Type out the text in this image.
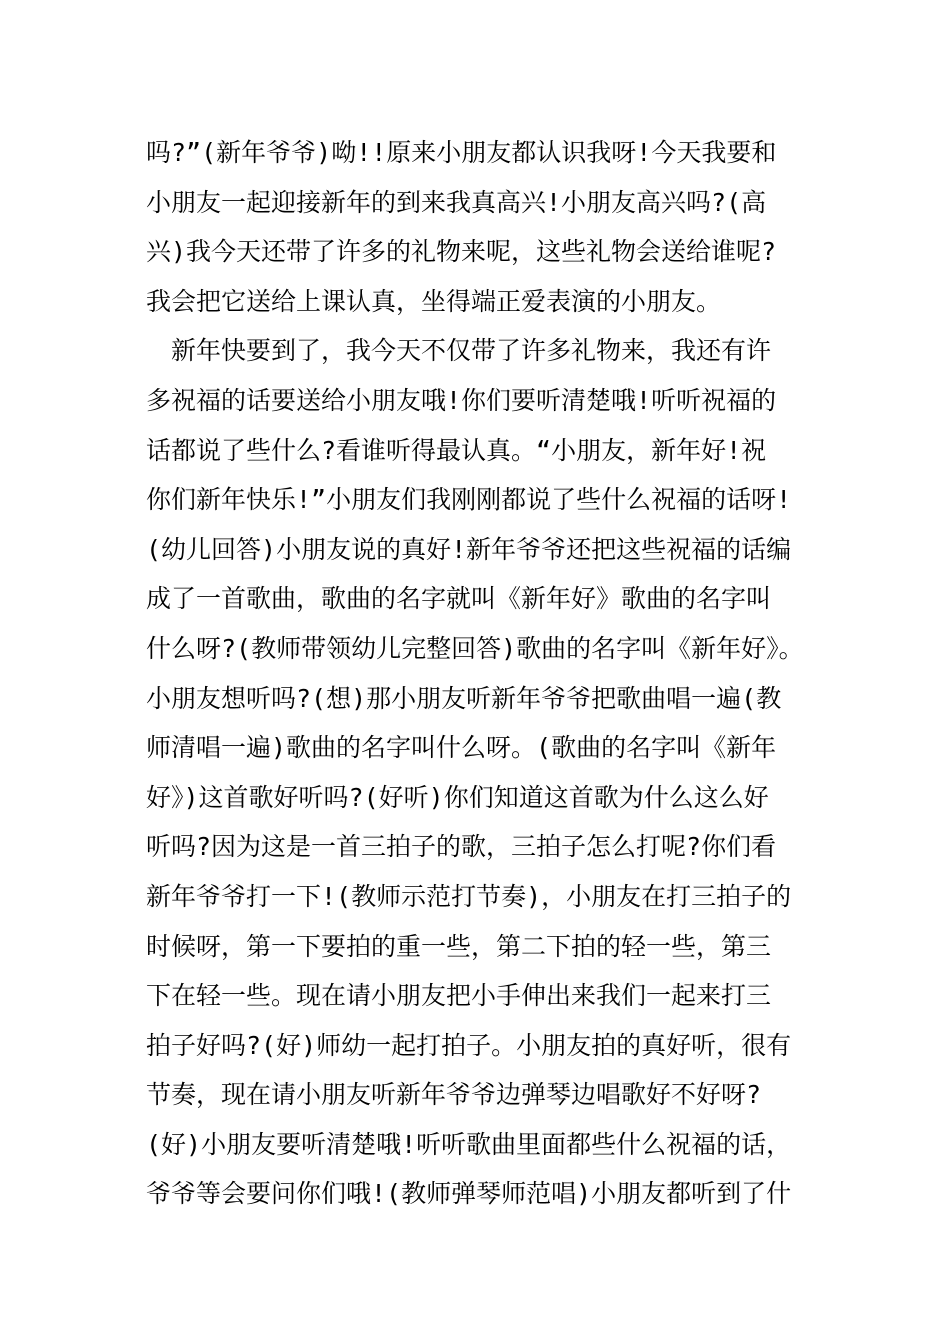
吗?”(新年爷爷)呦!!原来小朋友都认识我呀!今天我要和
小朋友一起迎接新年的到来我真高兴!小朋友高兴吗?(高
兴)我今天还带了许多的礼物来呢，这些礼物会送给谁呢?
我会把它送给上课认真，坐得端正爱表演的小朋友。
　新年快要到了，我今天不仅带了许多礼物来，我还有许
多祝福的话要送给小朋友哦!你们要听清楚哦!听听祝福的
话都说了些什么?看谁听得最认真。“小朋友，新年好!祝
你们新年快乐!”小朋友们我刚刚都说了些什么祝福的话呀!
(幼儿回答)小朋友说的真好!新年爷爷还把这些祝福的话编
成了一首歌曲，歌曲的名字就叫《新年好》歌曲的名字叫
什么呀?(教师带领幼儿完整回答)歌曲的名字叫《新年好》。
小朋友想听吗?(想)那小朋友听新年爷爷把歌曲唱一遍(教
师清唱一遍)歌曲的名字叫什么呀。(歌曲的名字叫《新年
好》)这首歌好听吗?(好听)你们知道这首歌为什么这么好
听吗?因为这是一首三拍子的歌，三拍子怎么打呢?你们看
新年爷爷打一下!(教师示范打节奏)，小朋友在打三拍子的
时候呀，第一下要拍的重一些，第二下拍的轻一些，第三
下在轻一些。现在请小朋友把小手伸出来我们一起来打三
拍子好吗?(好)师幼一起打拍子。小朋友拍的真好听，很有
节奏，现在请小朋友听新年爷爷边弹琴边唱歌好不好呀?
(好)小朋友要听清楚哦!听听歌曲里面都些什么祝福的话，
爷爷等会要问你们哦!(教师弹琴师范唱)小朋友都听到了什
